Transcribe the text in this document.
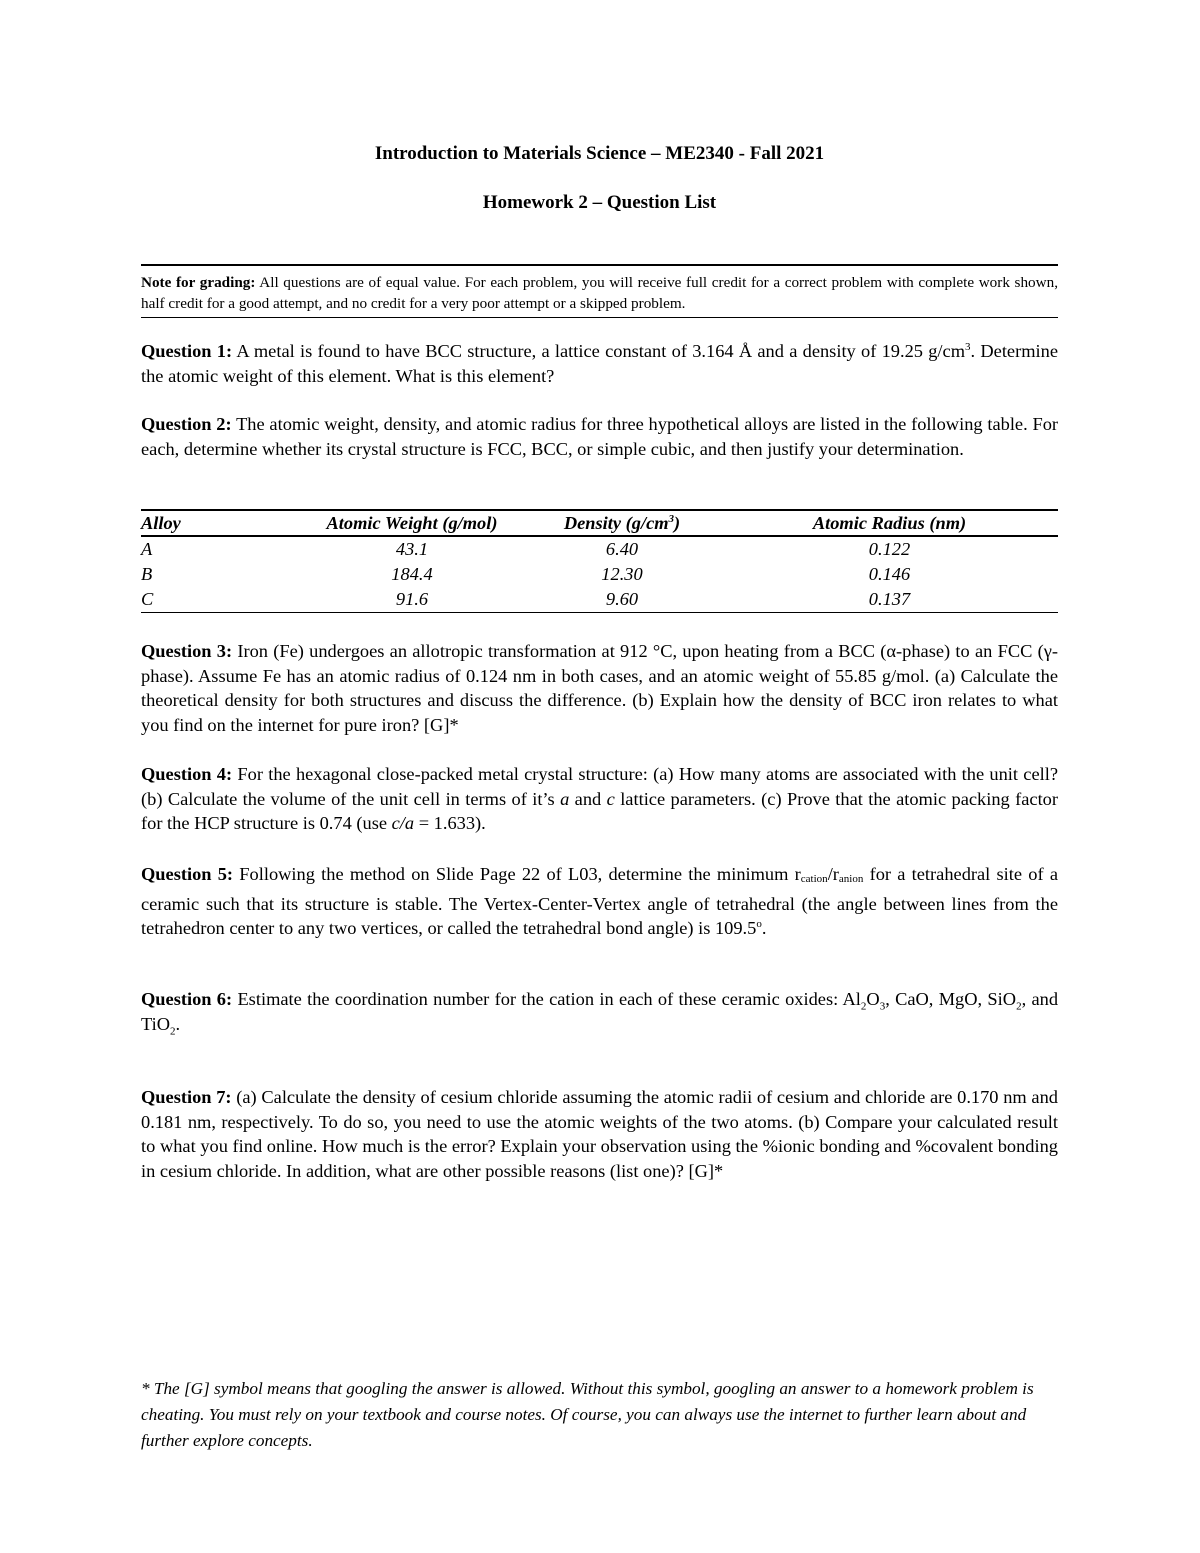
Introduction to Materials Science – ME2340 - Fall 2021
Homework 2 – Question List
Note for grading: All questions are of equal value. For each problem, you will receive full credit for a correct problem with complete work shown, half credit for a good attempt, and no credit for a very poor attempt or a skipped problem.
Question 1: A metal is found to have BCC structure, a lattice constant of 3.164 Å and a density of 19.25 $g/cm^3$. Determine the atomic weight of this element. What is this element?
Question 2: The atomic weight, density, and atomic radius for three hypothetical alloys are listed in the following table. For each, determine whether its crystal structure is FCC, BCC, or simple cubic, and then justify your determination.
Alloy	Atomic Weight (g/mol)	Density $(g/cm^3)$	Atomic Radius (nm)
A	43.1	6.40	0.122
B	184.4	12.30	0.146
C	91.6	9.60	0.137
Question 3: Iron (Fe) undergoes an allotropic transformation at 912 °C, upon heating from a BCC (α-phase) to an FCC (γ-phase). Assume Fe has an atomic radius of 0.124 nm in both cases, and an atomic weight of 55.85 g/mol. (a) Calculate the theoretical density for both structures and discuss the difference. (b) Explain how the density of BCC iron relates to what you find on the internet for pure iron? [G]*
Question 4: For the hexagonal close-packed metal crystal structure: (a) How many atoms are associated with the unit cell? (b) Calculate the volume of the unit cell in terms of it’s a and c lattice parameters. (c) Prove that the atomic packing factor for the HCP structure is 0.74 (use c/a = 1.633).
Question 5: Following the method on Slide Page 22 of L03, determine the minimum rcation/ranion for a tetrahedral site of a ceramic such that its structure is stable. The Vertex-Center-Vertex angle of tetrahedral (the angle between lines from the tetrahedron center to any two vertices, or called the tetrahedral bond angle) is 109.5$^o$.
Question 6: Estimate the coordination number for the cation in each of these ceramic oxides: $Al_2O_3$, CaO, MgO, SiO$_2$, and TiO$_2$.
Question 7: (a) Calculate the density of cesium chloride assuming the atomic radii of cesium and chloride are 0.170 nm and 0.181 nm, respectively. To do so, you need to use the atomic weights of the two atoms. (b) Compare your calculated result to what you find online. How much is the error? Explain your observation using the %ionic bonding and %covalent bonding in cesium chloride. In addition, what are other possible reasons (list one)? [G]*
* The [G] symbol means that googling the answer is allowed. Without this symbol, googling an answer to a homework problem is cheating. You must rely on your textbook and course notes. Of course, you can always use the internet to further learn about and further explore concepts.
